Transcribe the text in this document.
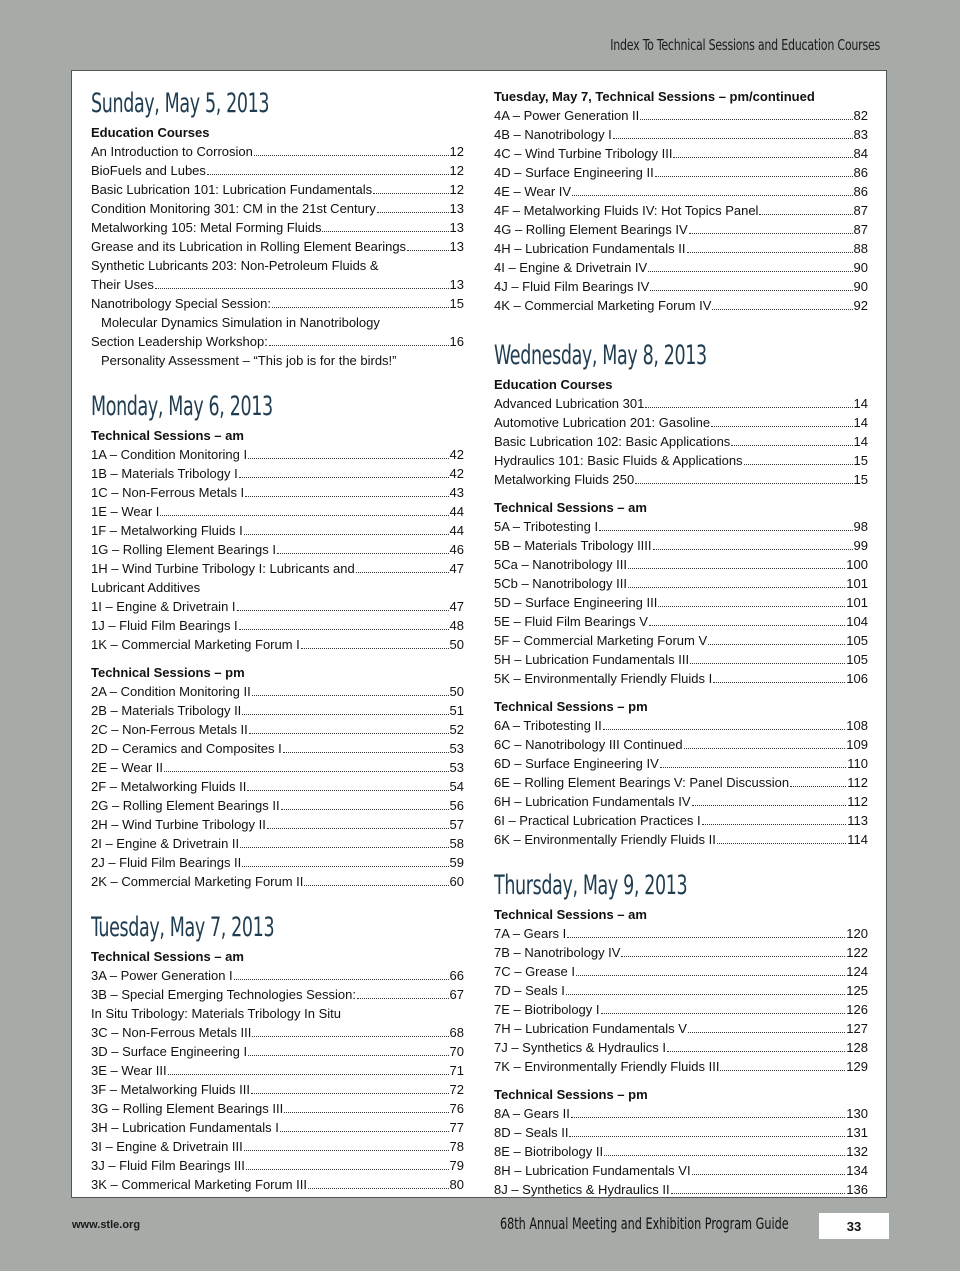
Index To Technical Sessions and Education Courses
Sunday, May 5, 2013
Education Courses
An Introduction to Corrosion	12
BioFuels and Lubes	12
Basic Lubrication 101: Lubrication Fundamentals	12
Condition Monitoring 301: CM in the 21st Century	13
Metalworking 105: Metal Forming Fluids	13
Grease and its Lubrication in Rolling Element Bearings	13
Synthetic Lubricants 203: Non-Petroleum Fluids &
Their Uses	13
Nanotribology Special Session:	15
Molecular Dynamics Simulation in Nanotribology
Section Leadership Workshop:	16
Personality Assessment – “This job is for the birds!”
Monday, May 6, 2013
Technical Sessions – am
1A – Condition Monitoring I	42
1B – Materials Tribology I	42
1C – Non-Ferrous Metals I	43
1E – Wear I	44
1F – Metalworking Fluids I	44
1G – Rolling Element Bearings I	46
1H – Wind Turbine Tribology I: Lubricants and	47
Lubricant Additives
1I – Engine & Drivetrain I	47
1J – Fluid Film Bearings I	48
1K – Commercial Marketing Forum I	50
Technical Sessions – pm
2A – Condition Monitoring II	50
2B – Materials Tribology II	51
2C – Non-Ferrous Metals II	52
2D – Ceramics and Composites I	53
2E – Wear II	53
2F – Metalworking Fluids II	54
2G – Rolling Element Bearings II	56
2H – Wind Turbine Tribology II	57
2I – Engine & Drivetrain II	58
2J – Fluid Film Bearings II	59
2K – Commercial Marketing Forum II	60
Tuesday, May 7, 2013
Technical Sessions – am
3A – Power Generation I	66
3B – Special Emerging Technologies Session:	67
In Situ Tribology: Materials Tribology In Situ
3C – Non-Ferrous Metals III	68
3D – Surface Engineering I	70
3E – Wear III	71
3F – Metalworking Fluids III	72
3G – Rolling Element Bearings III	76
3H – Lubrication Fundamentals I	77
3I – Engine & Drivetrain III	78
3J – Fluid Film Bearings III	79
3K – Commerical Marketing Forum III	80
Tuesday, May 7, Technical Sessions – pm/continued
4A – Power Generation II	82
4B – Nanotribology I	83
4C – Wind Turbine Tribology III	84
4D – Surface Engineering II	86
4E – Wear IV	86
4F – Metalworking Fluids IV: Hot Topics Panel	87
4G – Rolling Element Bearings IV	87
4H – Lubrication Fundamentals II	88
4I – Engine & Drivetrain IV	90
4J – Fluid Film Bearings IV	90
4K – Commercial Marketing Forum IV	92
Wednesday, May 8, 2013
Education Courses
Advanced Lubrication 301	14
Automotive Lubrication 201: Gasoline	14
Basic Lubrication 102: Basic Applications	14
Hydraulics 101: Basic Fluids & Applications	15
Metalworking Fluids 250	15
Technical Sessions – am
5A – Tribotesting I	98
5B – Materials Tribology IIII	99
5Ca – Nanotribology III	100
5Cb – Nanotribology III	101
5D – Surface Engineering III	101
5E – Fluid Film Bearings V	104
5F – Commercial Marketing Forum V	105
5H – Lubrication Fundamentals III	105
5K – Environmentally Friendly Fluids I	106
Technical Sessions – pm
6A – Tribotesting II	108
6C – Nanotribology III Continued	109
6D – Surface Engineering IV	110
6E – Rolling Element Bearings V: Panel Discussion	112
6H – Lubrication Fundamentals IV	112
6I – Practical Lubrication Practices I	113
6K – Environmentally Friendly Fluids II	114
Thursday, May 9, 2013
Technical Sessions – am
7A – Gears I	120
7B – Nanotribology IV	122
7C – Grease I	124
7D – Seals I	125
7E – Biotribology I	126
7H – Lubrication Fundamentals V	127
7J – Synthetics & Hydraulics I	128
7K – Environmentally Friendly Fluids III	129
Technical Sessions – pm
8A – Gears II	130
8D – Seals II	131
8E – Biotribology II	132
8H – Lubrication Fundamentals VI	134
8J – Synthetics & Hydraulics II	136
www.stle.org	68th Annual Meeting and Exhibition Program Guide	33
